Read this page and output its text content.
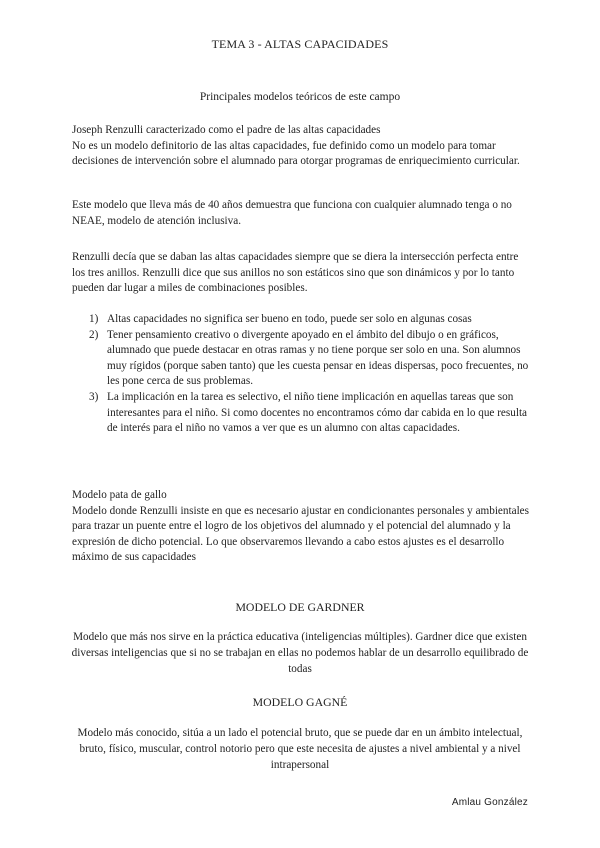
TEMA 3 - ALTAS CAPACIDADES
Principales modelos teóricos de este campo

Joseph Renzulli caracterizado como el padre de las altas capacidades

No es un modelo definitorio de las altas capacidades, fue definido como un modelo para tomar decisiones de intervención sobre el alumnado para otorgar programas de enriquecimiento curricular.

Este modelo que lleva más de 40 años demuestra que funciona con cualquier alumnado tenga o no NEAE, modelo de atención inclusiva.

Renzulli decía que se daban las altas capacidades siempre que se diera la intersección perfecta entre los tres anillos. Renzulli dice que sus anillos no son estáticos sino que son dinámicos y por lo tanto pueden dar lugar a miles de combinaciones posibles.

1) Altas capacidades no significa ser bueno en todo, puede ser solo en algunas cosas
2) Tener pensamiento creativo o divergente apoyado en el ámbito del dibujo o en gráficos, alumnado que puede destacar en otras ramas y no tiene porque ser solo en una. Son alumnos muy rígidos (porque saben tanto) que les cuesta pensar en ideas dispersas, poco frecuentes, no les pone cerca de sus problemas.
3) La implicación en la tarea es selectivo, el niño tiene implicación en aquellas tareas que son interesantes para el niño. Si como docentes no encontramos cómo dar cabida en lo que resulta de interés para el niño no vamos a ver que es un alumno con altas capacidades.

Modelo pata de gallo

Modelo donde Renzulli insiste en que es necesario ajustar en condicionantes personales y ambientales para trazar un puente entre el logro de los objetivos del alumnado y el potencial del alumnado y la expresión de dicho potencial. Lo que observaremos llevando a cabo estos ajustes es el desarrollo máximo de sus capacidades

MODELO DE GARDNER
Modelo que más nos sirve en la práctica educativa (inteligencias múltiples). Gardner dice que existen diversas inteligencias que si no se trabajan en ellas no podemos hablar de un desarrollo equilibrado de todas
MODELO GAGNÉ
Modelo más conocido, sitúa a un lado el potencial bruto, que se puede dar en un ámbito intelectual, bruto, físico, muscular, control notorio pero que este necesita de ajustes a nivel ambiental y a nivel intrapersonal
Amlau González
